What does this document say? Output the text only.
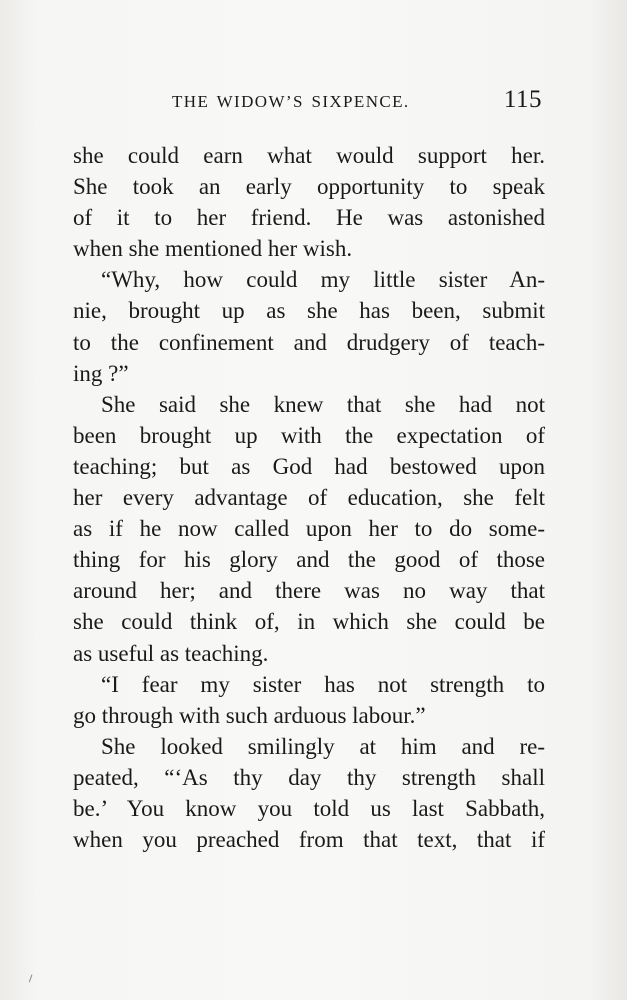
THE WIDOW’S SIXPENCE.	115
she could earn what would support her.
She took an early opportunity to speak
of it to her friend. He was astonished
when she mentioned her wish.
“Why, how could my little sister An-
nie, brought up as she has been, submit
to the confinement and drudgery of teach-
ing ?”
She said she knew that she had not
been brought up with the expectation of
teaching; but as God had bestowed upon
her every advantage of education, she felt
as if he now called upon her to do some-
thing for his glory and the good of those
around her; and there was no way that
she could think of, in which she could be
as useful as teaching.
“I fear my sister has not strength to
go through with such arduous labour.”
She looked smilingly at him and re-
peated, “‘As thy day thy strength shall
be.’ You know you told us last Sabbath,
when you preached from that text, that if
